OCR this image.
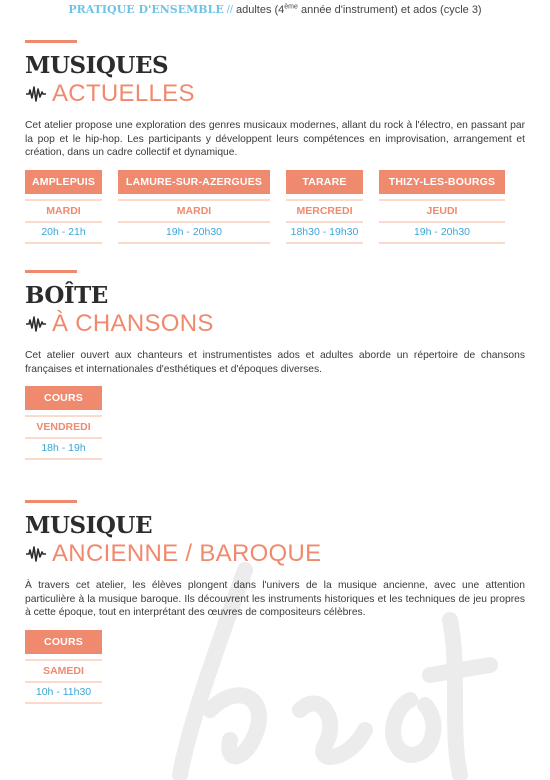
PRATIQUE D'ENSEMBLE // adultes (4ème année d'instrument) et ados (cycle 3)
MUSIQUES
ACTUELLES
Cet atelier propose une exploration des genres musicaux modernes, allant du rock à l'électro, en passant par la pop et le hip-hop. Les participants y développent leurs compétences en improvisation, arrangement et création, dans un cadre collectif et dynamique.
AMPLEPUIS
MARDI
20h - 21h
LAMURE-SUR-AZERGUES
MARDI
19h - 20h30
TARARE
MERCREDI
18h30 - 19h30
THIZY-LES-BOURGS
JEUDI
19h - 20h30
BOÎTE
À CHANSONS
Cet atelier ouvert aux chanteurs et instrumentistes ados et adultes aborde un répertoire de chansons françaises et internationales d'esthétiques et d'époques diverses.
COURS
VENDREDI
18h - 19h
MUSIQUE
ANCIENNE / BAROQUE
À travers cet atelier, les élèves plongent dans l'univers de la musique ancienne, avec une attention particulière à la musique baroque. Ils découvrent les instruments historiques et les techniques de jeu propres à cette époque, tout en interprétant des œuvres de compositeurs célèbres.
COURS
SAMEDI
10h - 11h30
